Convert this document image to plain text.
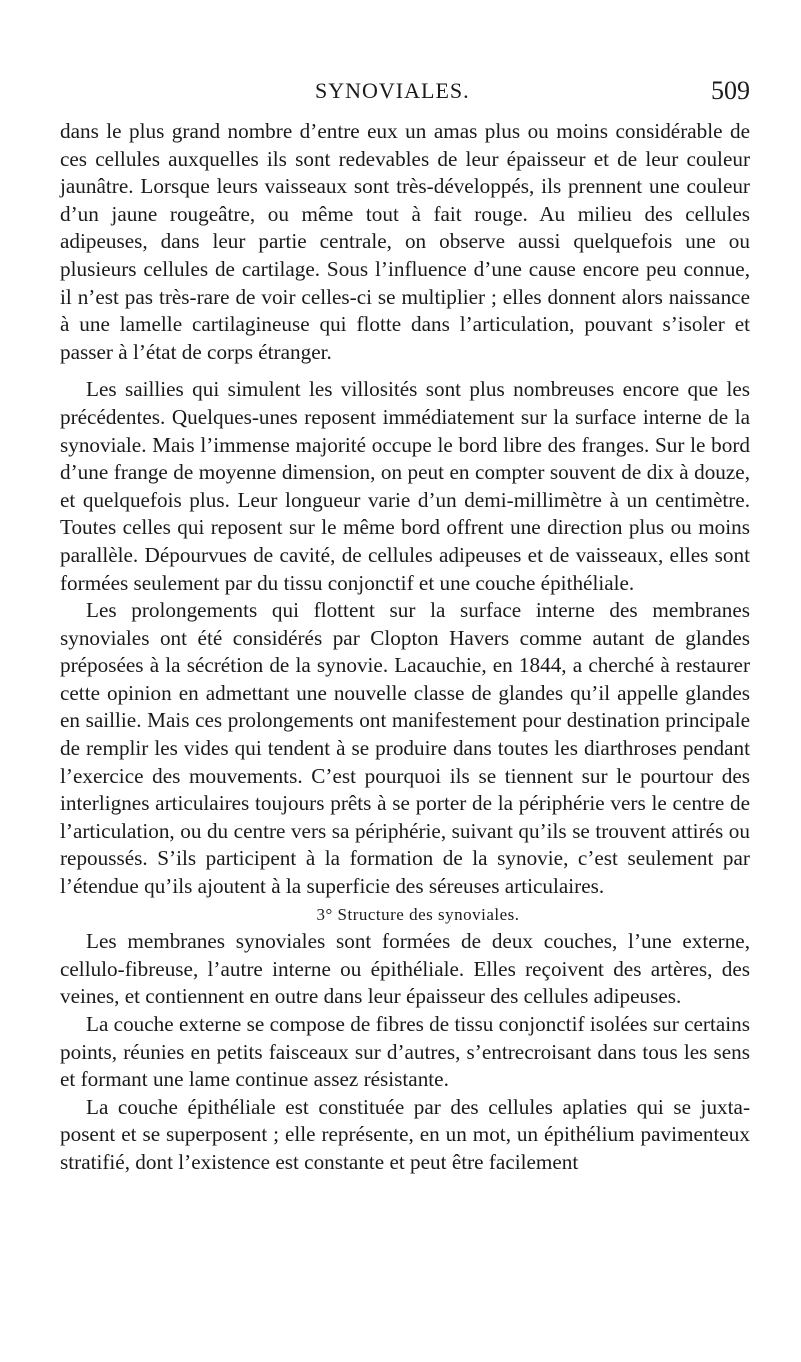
SYNOVIALES.	509

dans le plus grand nombre d’entre eux un amas plus ou moins considérable de ces cellules auxquelles ils sont redevables de leur épaisseur et de leur couleur jaunâtre. Lorsque leurs vaisseaux sont très-développés, ils prennent une couleur d’un jaune rougeâtre, ou même tout à fait rouge. Au milieu des cellules adipeuses, dans leur partie centrale, on observe aussi quelquefois une ou plusieurs cellules de cartilage. Sous l’influence d’une cause encore peu connue, il n’est pas très-rare de voir celles-ci se multiplier ; elles donnent alors naissance à une lamelle cartilagineuse qui flotte dans l’articulation, pouvant s’isoler et passer à l’état de corps étranger.

Les saillies qui simulent les villosités sont plus nombreuses encore que les précédentes. Quelques-unes reposent immédiatement sur la surface interne de la synoviale. Mais l’immense majorité occupe le bord libre des franges. Sur le bord d’une frange de moyenne dimension, on peut en compter souvent de dix à douze, et quelquefois plus. Leur longueur varie d’un demi-millimètre à un centimètre. Toutes celles qui reposent sur le même bord offrent une direction plus ou moins parallèle. Dépourvues de cavité, de cellules adipeuses et de vaisseaux, elles sont formées seulement par du tissu conjonctif et une couche épithéliale.

Les prolongements qui flottent sur la surface interne des membranes synoviales ont été considérés par Clopton Havers comme autant de glandes préposées à la sécrétion de la synovie. Lacauchie, en 1844, a cherché à restaurer cette opinion en admettant une nouvelle classe de glandes qu’il appelle glandes en saillie. Mais ces prolongements ont manifestement pour destination principale de remplir les vides qui tendent à se produire dans toutes les diarthroses pendant l’exercice des mouvements. C’est pourquoi ils se tiennent sur le pourtour des interlignes articulaires toujours prêts à se porter de la périphérie vers le centre de l’articulation, ou du centre vers sa périphérie, suivant qu’ils se trouvent attirés ou repoussés. S’ils participent à la formation de la synovie, c’est seulement par l’étendue qu’ils ajoutent à la superficie des séreuses articulaires.

3° Structure des synoviales.

Les membranes synoviales sont formées de deux couches, l’une externe, cellulo-fibreuse, l’autre interne ou épithéliale. Elles reçoivent des artères, des veines, et contiennent en outre dans leur épaisseur des cellules adipeuses.

La couche externe se compose de fibres de tissu conjonctif isolées sur certains points, réunies en petits faisceaux sur d’autres, s’entrecroisant dans tous les sens et formant une lame continue assez résistante.

La couche épithéliale est constituée par des cellules aplaties qui se juxtaposent et se superposent ; elle représente, en un mot, un épithélium pavimenteux stratifié, dont l’existence est constante et peut être facilement
